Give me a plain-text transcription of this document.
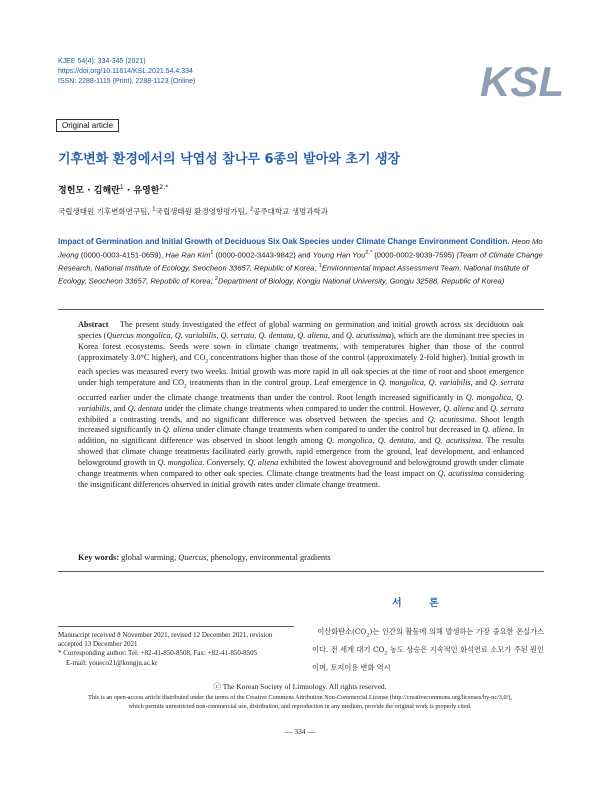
KJEE 54(4): 334-345 (2021)
https://doi.org/10.11614/KSL.2021.54.4.334
ISSN: 2288-1115 (Print), 2288-1123 (Online)	KSL
Original article
기후변화 환경에서의 낙엽성 참나무 6종의 발아와 초기 생장
정헌모 · 김해란$^1$ · 유영한$^{2,*}$
국립생태원 기후변화연구팀, $^1$국립생태원 환경영향평가팀, $^2$공주대학교 생명과학과
Impact of Germination and Initial Growth of Deciduous Six Oak Species under Climate Change Environment Condition. Heon Mo Jeong (0000-0003-4151-0659), Hae Ran Kim$^1$ (0000-0002-3443-9842) and Young Han You$^{2,*}$ (0000-0002-9039-7595) (Team of Climate Change Research, National Institute of Ecology, Seocheon 33657, Republic of Korea; $^1$Environmental Impact Assessment Team, National Institute of Ecology, Seocheon 33657, Republic of Korea; $^2$Department of Biology, Kongju National University, Gongju 32588, Republic of Korea)
Abstract The present study investigated the effect of global warming on germination and initial growth across six deciduous oak species (Quercus mongolica, Q. variabilis, Q. serrata, Q. dentata, Q. aliena, and Q. acutissima), which are the dominant tree species in Korea forest ecosystems. Seeds were sown in climate change treatments, with temperatures higher than those of the control (approximately 3.0°C higher), and $CO_2$ concentrations higher than those of the control (approximately 2-fold higher). Initial growth in each species was measured every two weeks. Initial growth was more rapid in all oak species at the time of root and shoot emergence under high temperature and $CO_2$ treatments than in the control group. Leaf emergence in Q. mongolica, Q. variabilis, and Q. serrata occurred earlier under the climate change treatments than under the control. Root length increased significantly in Q. mongolica, Q. variabilis, and Q. dentata under the climate change treatments when compared to under the control. However, Q. aliena and Q. serrata exhibited a contrasting trends, and no significant difference was observed between the species and Q. acutissima. Shoot length increased significantly in Q. aliena under climate change treatments when compared to under the control but decreased in Q. aliena. In addition, no significant difference was observed in shoot length among Q. mongolica, Q. dentata, and Q. acutissima. The results showed that climate change treatments facilitated early growth, rapid emergence from the ground, leaf development, and enhanced belowground growth in Q. mongolica. Conversely, Q. aliena exhibited the lowest aboveground and belowground growth under climate change treatments when compared to other oak species. Climate change treatments had the least impact on Q. acutissima considering the insignificant differences observed in initial growth rates under climate change treatment.
Key words: global warming, Quercus, phenology, environmental gradients
서 론
Manuscript received 8 November 2021, revised 12 December 2021, revision accepted 13 December 2021
* Corresponding author: Tel: +82-41-850-8508, Fax: +82-41-850-8505
E-mail: youeco21@kongju.ac.kr
이산화탄소$(CO_2)$는 인간의 활동에 의해 발생하는 가장 중요한 온실가스이다. 전 세계 대기 $CO_2$ 농도 상승은 지속적인 화석연료 소모가 주된 원인이며, 토지이용 변화 역시
ⓒ The Korean Society of Limnology. All rights reserved.
This is an open-access article distributed under the terms of the Creative Commons Attribution Non-Commercial License (http://creativecommons.org/licenses/by-nc/3.0/),
which permits unrestricted non-commercial use, distribution, and reproduction in any medium, provide the original work is properly cited.
— 334 —
